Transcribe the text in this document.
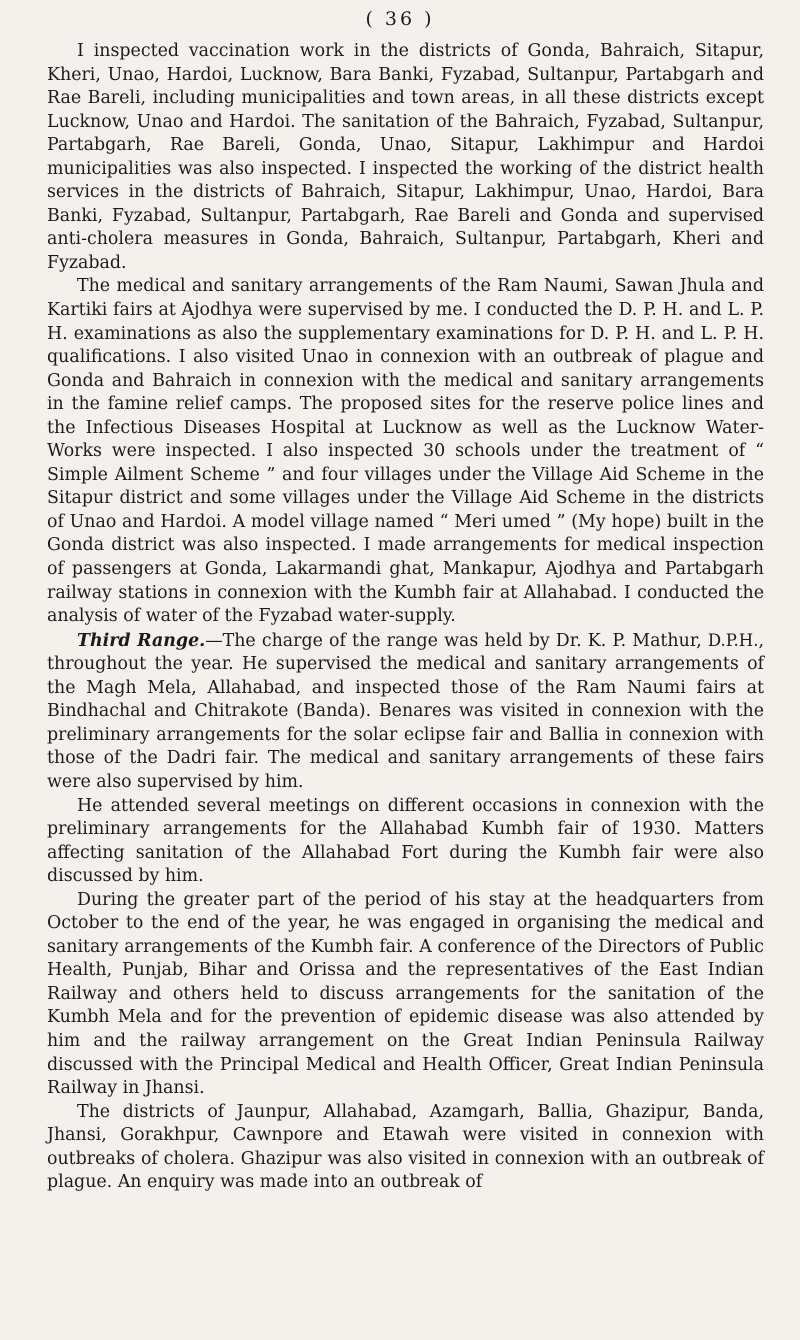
( 36 )

I inspected vaccination work in the districts of Gonda, Bahraich, Sitapur, Kheri, Unao, Hardoi, Lucknow, Bara Banki, Fyzabad, Sultanpur, Partabgarh and Rae Bareli, including municipalities and town areas, in all these districts except Lucknow, Unao and Hardoi. The sanitation of the Bahraich, Fyzabad, Sultanpur, Partabgarh, Rae Bareli, Gonda, Unao, Sitapur, Lakhimpur and Hardoi municipalities was also inspected. I inspected the working of the district health services in the districts of Bahraich, Sitapur, Lakhimpur, Unao, Hardoi, Bara Banki, Fyzabad, Sultanpur, Partabgarh, Rae Bareli and Gonda and supervised anti-cholera measures in Gonda, Bahraich, Sultanpur, Partabgarh, Kheri and Fyzabad.

The medical and sanitary arrangements of the Ram Naumi, Sawan Jhula and Kartiki fairs at Ajodhya were supervised by me. I conducted the D. P. H. and L. P. H. examinations as also the supplementary examinations for D. P. H. and L. P. H. qualifications. I also visited Unao in connexion with an outbreak of plague and Gonda and Bahraich in connexion with the medical and sanitary arrangements in the famine relief camps. The proposed sites for the reserve police lines and the Infectious Diseases Hospital at Lucknow as well as the Lucknow Water-Works were inspected. I also inspected 30 schools under the treatment of “ Simple Ailment Scheme ” and four villages under the Village Aid Scheme in the Sitapur district and some villages under the Village Aid Scheme in the districts of Unao and Hardoi. A model village named “ Meri umed ” (My hope) built in the Gonda district was also inspected. I made arrangements for medical inspection of passengers at Gonda, Lakarmandi ghat, Mankapur, Ajodhya and Partabgarh railway stations in connexion with the Kumbh fair at Allahabad. I conducted the analysis of water of the Fyzabad water-supply.

Third Range.—The charge of the range was held by Dr. K. P. Mathur, D.P.H., throughout the year. He supervised the medical and sanitary arrangements of the Magh Mela, Allahabad, and inspected those of the Ram Naumi fairs at Bindhachal and Chitrakote (Banda). Benares was visited in connexion with the preliminary arrangements for the solar eclipse fair and Ballia in connexion with those of the Dadri fair. The medical and sanitary arrangements of these fairs were also supervised by him.

He attended several meetings on different occasions in connexion with the preliminary arrangements for the Allahabad Kumbh fair of 1930. Matters affecting sanitation of the Allahabad Fort during the Kumbh fair were also discussed by him.

During the greater part of the period of his stay at the headquarters from October to the end of the year, he was engaged in organising the medical and sanitary arrangements of the Kumbh fair. A conference of the Directors of Public Health, Punjab, Bihar and Orissa and the representatives of the East Indian Railway and others held to discuss arrangements for the sanitation of the Kumbh Mela and for the prevention of epidemic disease was also attended by him and the railway arrangement on the Great Indian Peninsula Railway discussed with the Principal Medical and Health Officer, Great Indian Peninsula Railway in Jhansi.

The districts of Jaunpur, Allahabad, Azamgarh, Ballia, Ghazipur, Banda, Jhansi, Gorakhpur, Cawnpore and Etawah were visited in connexion with outbreaks of cholera. Ghazipur was also visited in connexion with an outbreak of plague. An enquiry was made into an outbreak of
